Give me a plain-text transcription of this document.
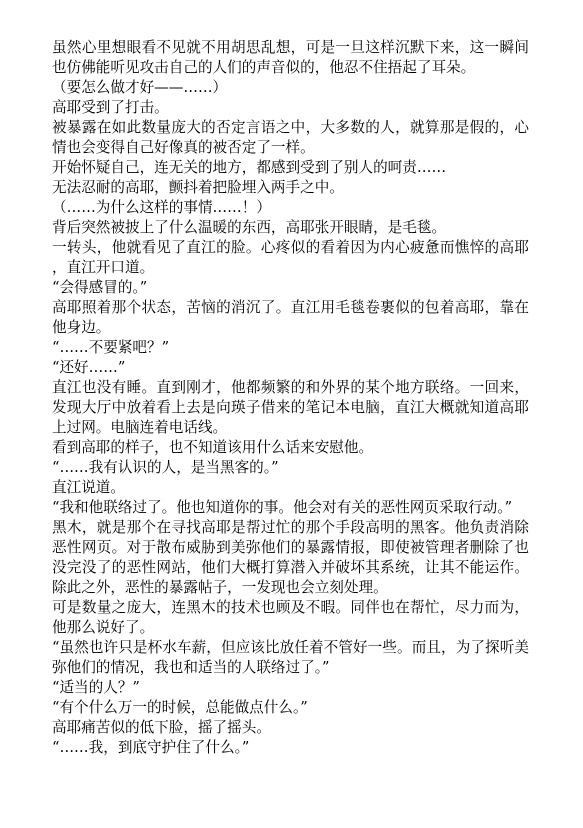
虽然心里想眼看不见就不用胡思乱想，可是一旦这样沉默下来，这一瞬间也仿佛能听见攻击自己的人们的声音似的，他忍不住捂起了耳朵。

（要怎么做才好——……）

高耶受到了打击。

被暴露在如此数量庞大的否定言语之中，大多数的人，就算那是假的，心情也会变得自己好像真的被否定了一样。

开始怀疑自己，连无关的地方，都感到受到了别人的呵责……

无法忍耐的高耶，颤抖着把脸埋入两手之中。

（……为什么这样的事情……！）

背后突然被披上了什么温暖的东西，高耶张开眼睛，是毛毯。

一转头，他就看见了直江的脸。心疼似的看着因为内心疲惫而憔悴的高耶，直江开口道。

“会得感冒的。”

高耶照着那个状态，苦恼的消沉了。直江用毛毯卷裹似的包着高耶，靠在他身边。

“……不要紧吧？”

“还好……”

直江也没有睡。直到刚才，他都频繁的和外界的某个地方联络。一回来，发现大厅中放着看上去是向瑛子借来的笔记本电脑，直江大概就知道高耶上过网。电脑连着电话线。

看到高耶的样子，也不知道该用什么话来安慰他。

“……我有认识的人，是当黑客的。”

直江说道。

“我和他联络过了。他也知道你的事。他会对有关的恶性网页采取行动。”

黑木，就是那个在寻找高耶是帮过忙的那个手段高明的黑客。他负责消除恶性网页。对于散布威胁到美弥他们的暴露情报，即使被管理者删除了也没完没了的恶性网站，他们大概打算潜入并破坏其系统，让其不能运作。除此之外，恶性的暴露帖子，一发现也会立刻处理。

可是数量之庞大，连黑木的技术也顾及不暇。同伴也在帮忙，尽力而为，他那么说好了。

“虽然也许只是杯水车薪，但应该比放任着不管好一些。而且，为了探听美弥他们的情况，我也和适当的人联络过了。”

“适当的人？”

“有个什么万一的时候，总能做点什么。”

高耶痛苦似的低下脸，摇了摇头。

“……我，到底守护住了什么。”
